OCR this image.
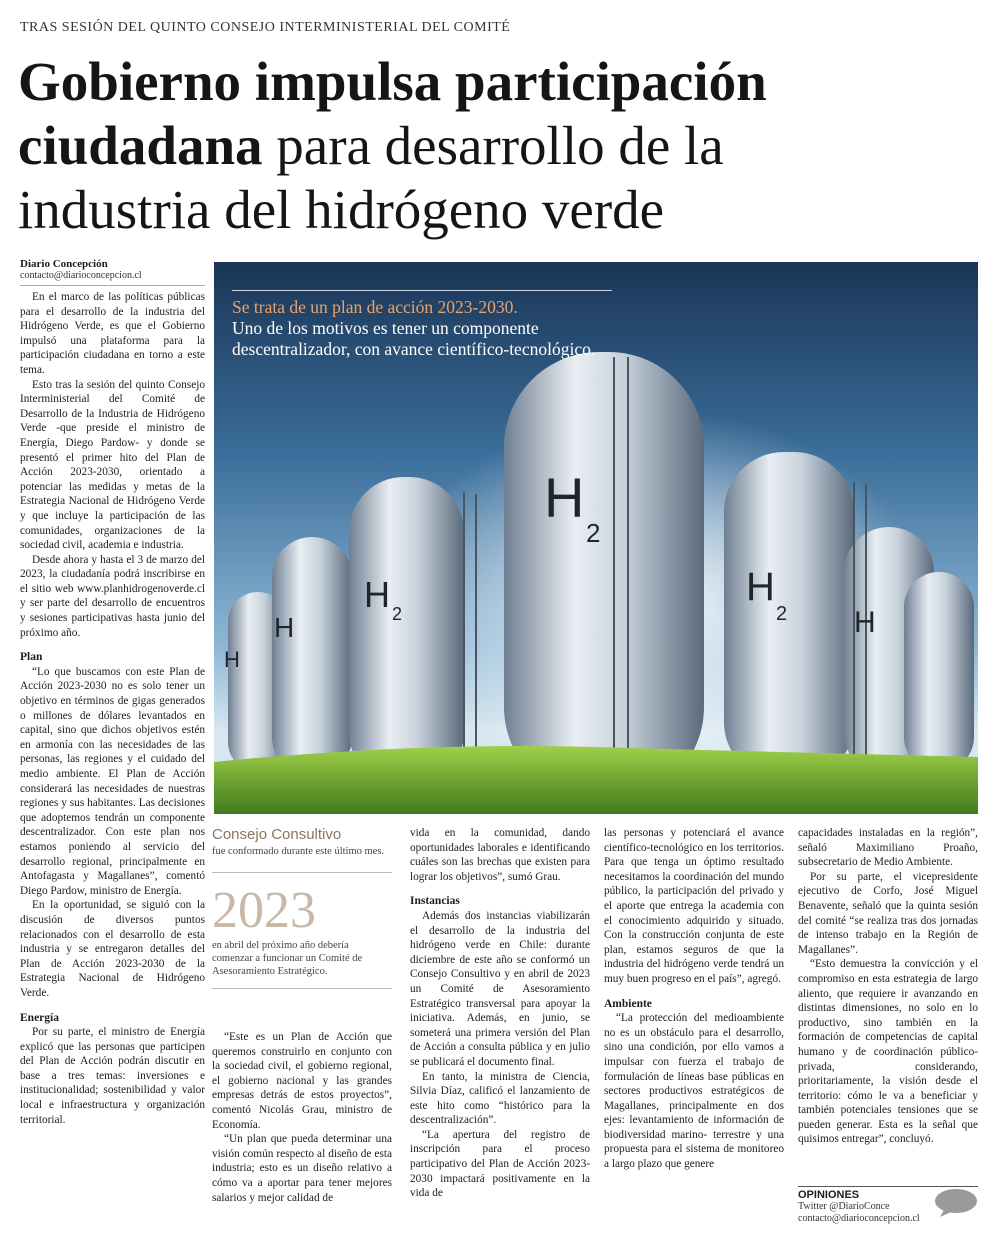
TRAS SESIÓN DEL QUINTO CONSEJO INTERMINISTERIAL DEL COMITÉ
Gobierno impulsa participación
ciudadana para desarrollo de la
industria del hidrógeno verde
Diario Concepción
contacto@diarioconcepcion.cl

En el marco de las políticas públicas para el desarrollo de la industria del Hidrógeno Verde, es que el Gobierno impulsó una plataforma para la participación ciudadana en torno a este tema.

Esto tras la sesión del quinto Consejo Interministerial del Comité de Desarrollo de la Industria de Hidrógeno Verde -que preside el ministro de Energía, Diego Pardow- y donde se presentó el primer hito del Plan de Acción 2023-2030, orientado a potenciar las medidas y metas de la Estrategia Nacional de Hidrógeno Verde y que incluye la participación de las comunidades, organizaciones de la sociedad civil, academia e industria.

Desde ahora y hasta el 3 de marzo del 2023, la ciudadanía podrá inscribirse en el sitio web www.planhidrogenoverde.cl y ser parte del desarrollo de encuentros y sesiones participativas hasta junio del próximo año.

Plan

“Lo que buscamos con este Plan de Acción 2023-2030 no es solo tener un objetivo en términos de gigas generados o millones de dólares levantados en capital, sino que dichos objetivos estén en armonía con las necesidades de las personas, las regiones y el cuidado del medio ambiente. El Plan de Acción considerará las necesidades de nuestras regiones y sus habitantes. Las decisiones que adoptemos tendrán un componente descentralizador. Con este plan nos estamos poniendo al servicio del desarrollo regional, principalmente en Antofagasta y Magallanes”, comentó Diego Pardow, ministro de Energía.

En la oportunidad, se siguió con la discusión de diversos puntos relacionados con el desarrollo de esta industria y se entregaron detalles del Plan de Acción 2023-2030 de la Estrategia Nacional de Hidrógeno Verde.

Energía

Por su parte, el ministro de Energía explicó que las personas que participen del Plan de Acción podrán discutir en base a tres temas: inversiones e institucionalidad; sostenibilidad y valor local e infraestructura y organización territorial.

H
H
H 2
H
2
H
2 H
Se trata de un plan de acción 2023-2030.
Uno de los motivos es tener un componente descentralizador, con avance científico-tecnológico.
Consejo Consultivo
fue conformado durante este último mes.
2023
en abril del próximo año debería comenzar a funcionar un Comité de Asesoramiento Estratégico.

“Este es un Plan de Acción que queremos construirlo en conjunto con la sociedad civil, el gobierno regional, el gobierno nacional y las grandes empresas detrás de estos proyectos”, comentó Nicolás Grau, ministro de Economía.

“Un plan que pueda determinar una visión común respecto al diseño de esta industria; esto es un diseño relativo a cómo va a aportar para tener mejores salarios y mejor calidad de

vida en la comunidad, dando oportunidades laborales e identificando cuáles son las brechas que existen para lograr los objetivos”, sumó Grau.

Instancias

Además dos instancias viabilizarán el desarrollo de la industria del hidrógeno verde en Chile: durante diciembre de este año se conformó un Consejo Consultivo y en abril de 2023 un Comité de Asesoramiento Estratégico transversal para apoyar la iniciativa. Además, en junio, se someterá una primera versión del Plan de Acción a consulta pública y en julio se publicará el documento final.

En tanto, la ministra de Ciencia, Silvia Díaz, calificó el lanzamiento de este hito como “histórico para la descentralización”.

“La apertura del registro de inscripción para el proceso participativo del Plan de Acción 2023-2030 impactará positivamente en la vida de

las personas y potenciará el avance científico-tecnológico en los territorios. Para que tenga un óptimo resultado necesitamos la coordinación del mundo público, la participación del privado y el aporte que entrega la academia con el conocimiento adquirido y situado. Con la construcción conjunta de este plan, estamos seguros de que la industria del hidrógeno verde tendrá un muy buen progreso en el país”, agregó.

Ambiente

“La protección del medioambiente no es un obstáculo para el desarrollo, sino una condición, por ello vamos a impulsar con fuerza el trabajo de formulación de líneas base públicas en sectores productivos estratégicos de Magallanes, principalmente en dos ejes: levantamiento de información de biodiversidad marino- terrestre y una propuesta para el sistema de monitoreo a largo plazo que genere

capacidades instaladas en la región”, señaló Maximiliano Proaño, subsecretario de Medio Ambiente.

Por su parte, el vicepresidente ejecutivo de Corfo, José Miguel Benavente, señaló que la quinta sesión del comité “se realiza tras dos jornadas de intenso trabajo en la Región de Magallanes”.

“Esto demuestra la convicción y el compromiso en esta estrategia de largo aliento, que requiere ir avanzando en distintas dimensiones, no solo en lo productivo, sino también en la formación de competencias de capital humano y de coordinación público-privada, considerando, prioritariamente, la visión desde el territorio: cómo le va a beneficiar y también potenciales tensiones que se pueden generar. Esta es la señal que quisimos entregar”, concluyó.

OPINIONES
Twitter @DiarioConce
contacto@diarioconcepcion.cl
